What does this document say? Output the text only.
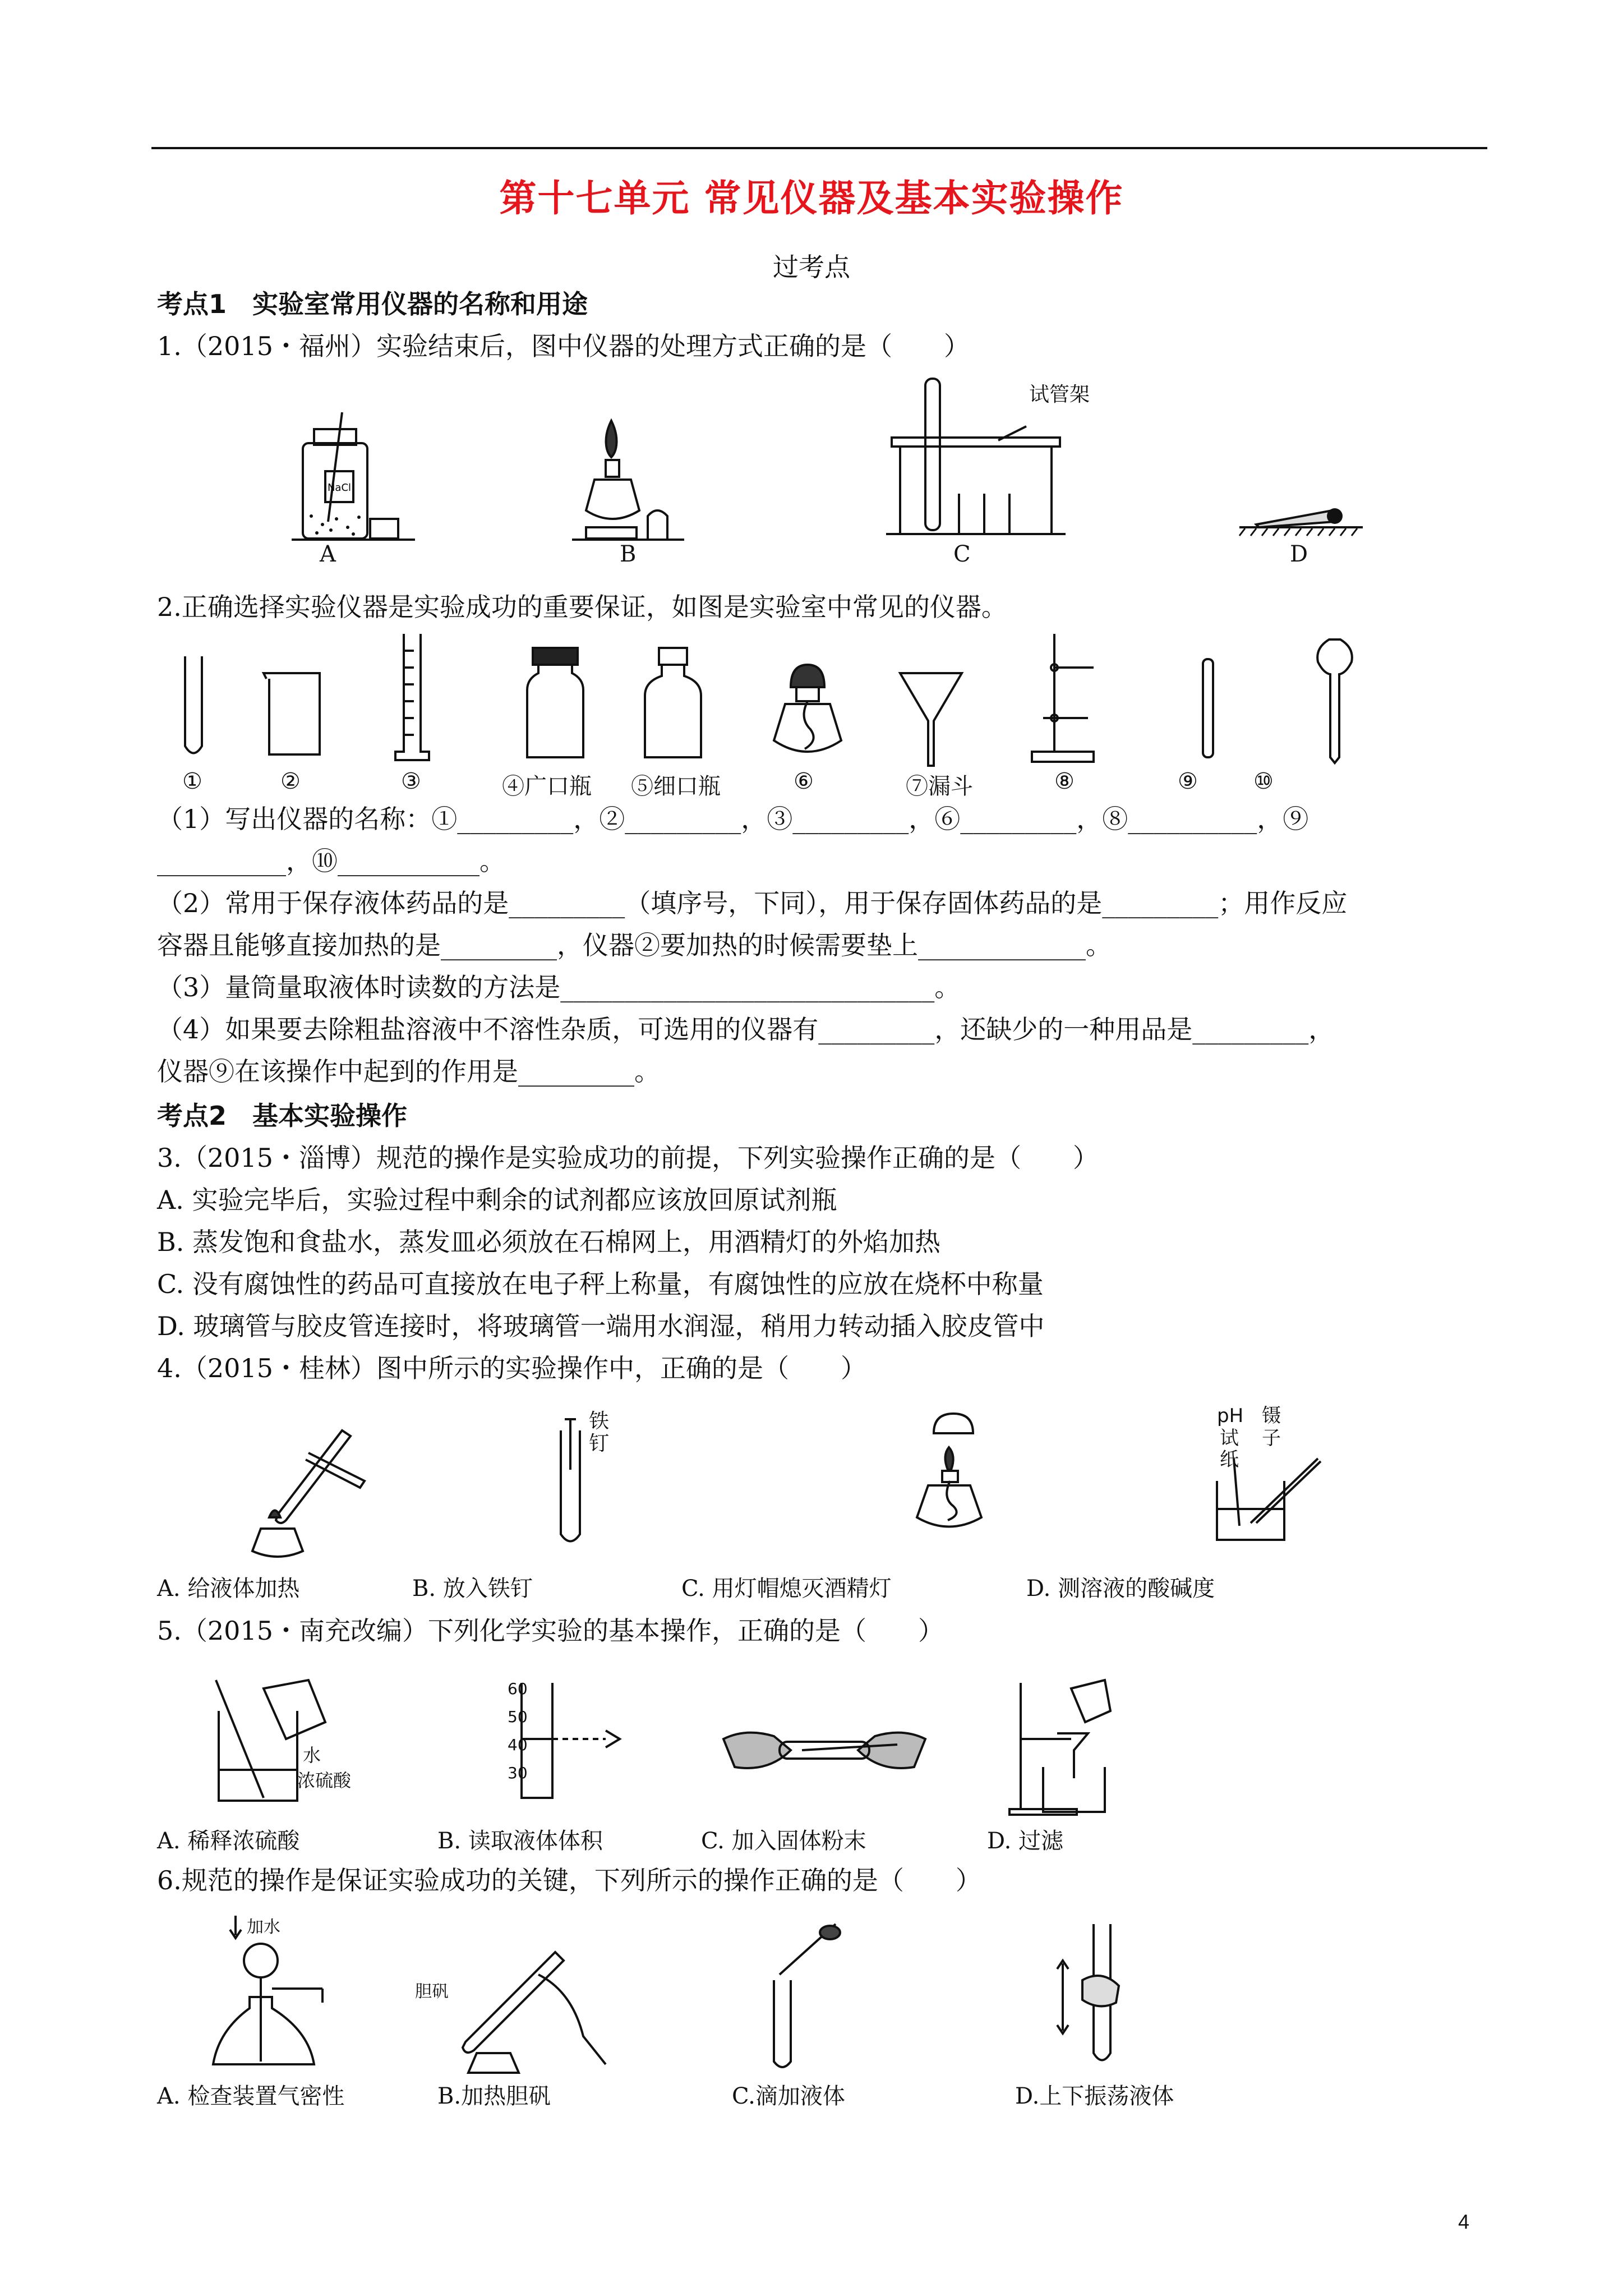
第十七单元 常见仪器及基本实验操作
过考点
考点1　实验室常用仪器的名称和用途
1.（2015・福州）实验结束后，图中仪器的处理方式正确的是（　　）
NaCl
A	B
试管架
C	D
2.正确选择实验仪器是实验成功的重要保证，如图是实验室中常见的仪器。
①	②	③	④广口瓶 ⑤细口瓶	⑥	⑦漏斗	⑧	⑨ ⑩
（1）写出仪器的名称：①_________，②_________，③_________，⑥_________，⑧__________，⑨
__________，⑩___________。
（2）常用于保存液体药品的是_________（填序号，下同），用于保存固体药品的是_________；用作反应
容器且能够直接加热的是_________，仪器②要加热的时候需要垫上_____________。
（3）量筒量取液体时读数的方法是_____________________________。
（4）如果要去除粗盐溶液中不溶性杂质，可选用的仪器有_________，还缺少的一种用品是_________，
仪器⑨在该操作中起到的作用是_________。
考点2　基本实验操作
3.（2015・淄博）规范的操作是实验成功的前提，下列实验操作正确的是（　　）
A. 实验完毕后，实验过程中剩余的试剂都应该放回原试剂瓶
B. 蒸发饱和食盐水，蒸发皿必须放在石棉网上，用酒精灯的外焰加热
C. 没有腐蚀性的药品可直接放在电子秤上称量，有腐蚀性的应放在烧杯中称量
D. 玻璃管与胶皮管连接时，将玻璃管一端用水润湿，稍用力转动插入胶皮管中
4.（2015・桂林）图中所示的实验操作中，正确的是（　　）
A. 给液体加热
铁
钉
B. 放入铁钉	C. 用灯帽熄灭酒精灯
pH
试
纸
镊
子
D. 测溶液的酸碱度
5.（2015・南充改编）下列化学实验的基本操作，正确的是（　　）
水
浓硫酸
A. 稀释浓硫酸
60
50
40
30
B. 读取液体体积	C. 加入固体粉末	D. 过滤
6.规范的操作是保证实验成功的关键，下列所示的操作正确的是（　　）
加水
A. 检查装置气密性
胆矾
B.加热胆矾	C.滴加液体	D.上下振荡液体
4
